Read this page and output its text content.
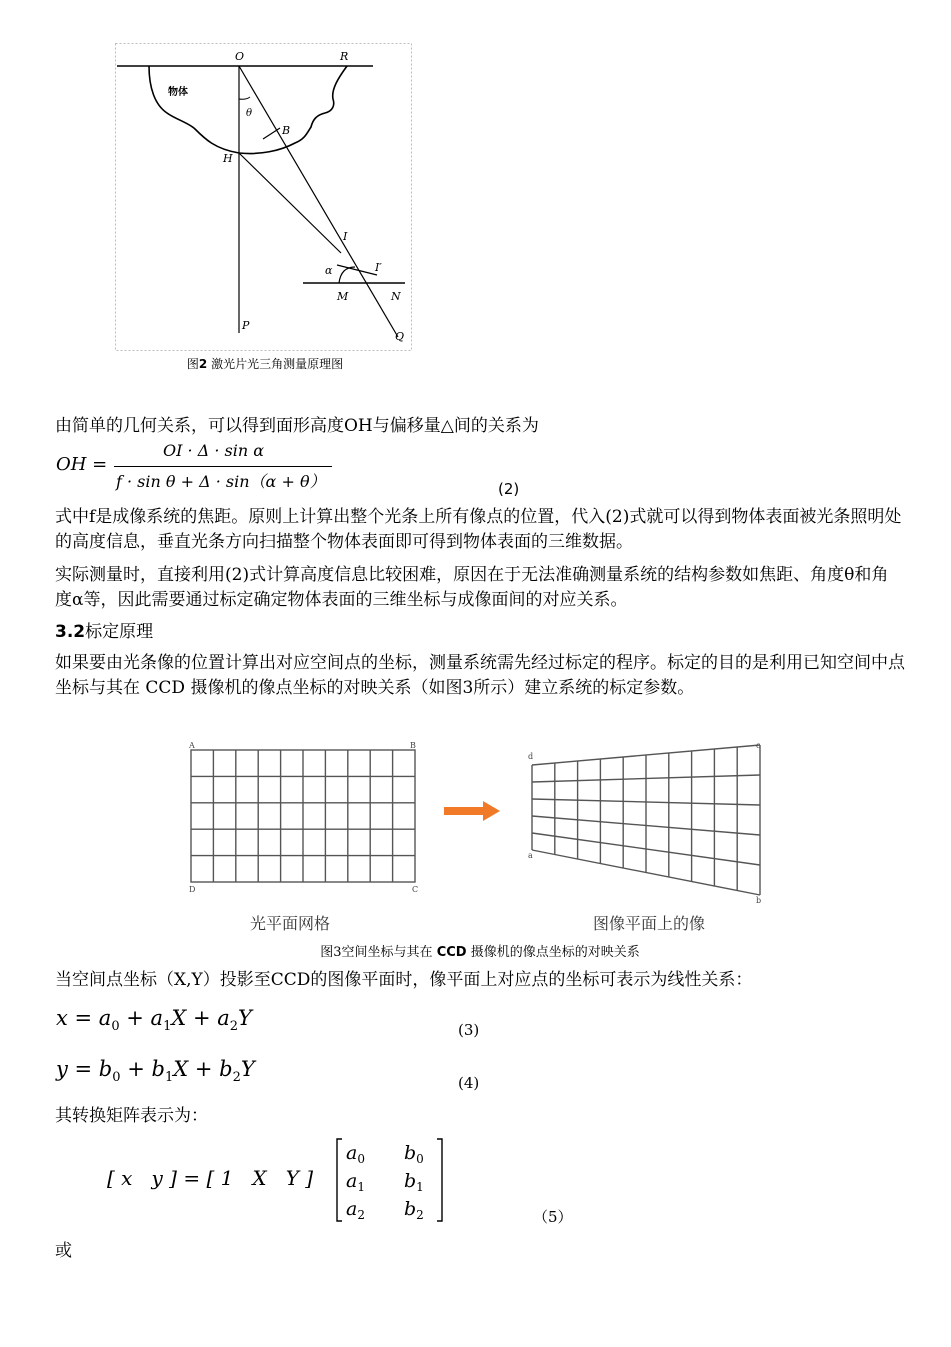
O	R
物体
θ
B
H
I
I′
α
M	N
P
Q
图2 激光片光三角测量原理图
由简单的几何关系，可以得到面形高度OH与偏移量△间的关系为
OH =
OI · Δ · sin α
f · sin θ + Δ · sin（α + θ）	(2)
式中f是成像系统的焦距。原则上计算出整个光条上所有像点的位置，代入(2)式就可以得到物体表面被光条照明处的高度信息，垂直光条方向扫描整个物体表面即可得到物体表面的三维数据。
实际测量时，直接利用(2)式计算高度信息比较困难，原因在于无法准确测量系统的结构参数如焦距、角度θ和角度α等，因此需要通过标定确定物体表面的三维坐标与成像面间的对应关系。
3.2标定原理
如果要由光条像的位置计算出对应空间点的坐标，测量系统需先经过标定的程序。标定的目的是利用已知空间中点坐标与其在 CCD 摄像机的像点坐标的对映关系（如图3所示）建立系统的标定参数。
A	B
D	C
d
c
a
b
光平面网格	图像平面上的像
图3空间坐标与其在 CCD 摄像机的像点坐标的对映关系
当空间点坐标（X,Y）投影至CCD的图像平面时，像平面上对应点的坐标可表示为线性关系：
$x = a_0 + a_1X + a_2Y$	(3)
$y = b_0 + b_1X + b_2Y$
(4)
其转换矩阵表示为：
[ x   y ] = [ 1   X   Y ]
$a_0$ $b_0$
$a_1$ $b_1$
$a_2$ $b_2$	（5）
或
